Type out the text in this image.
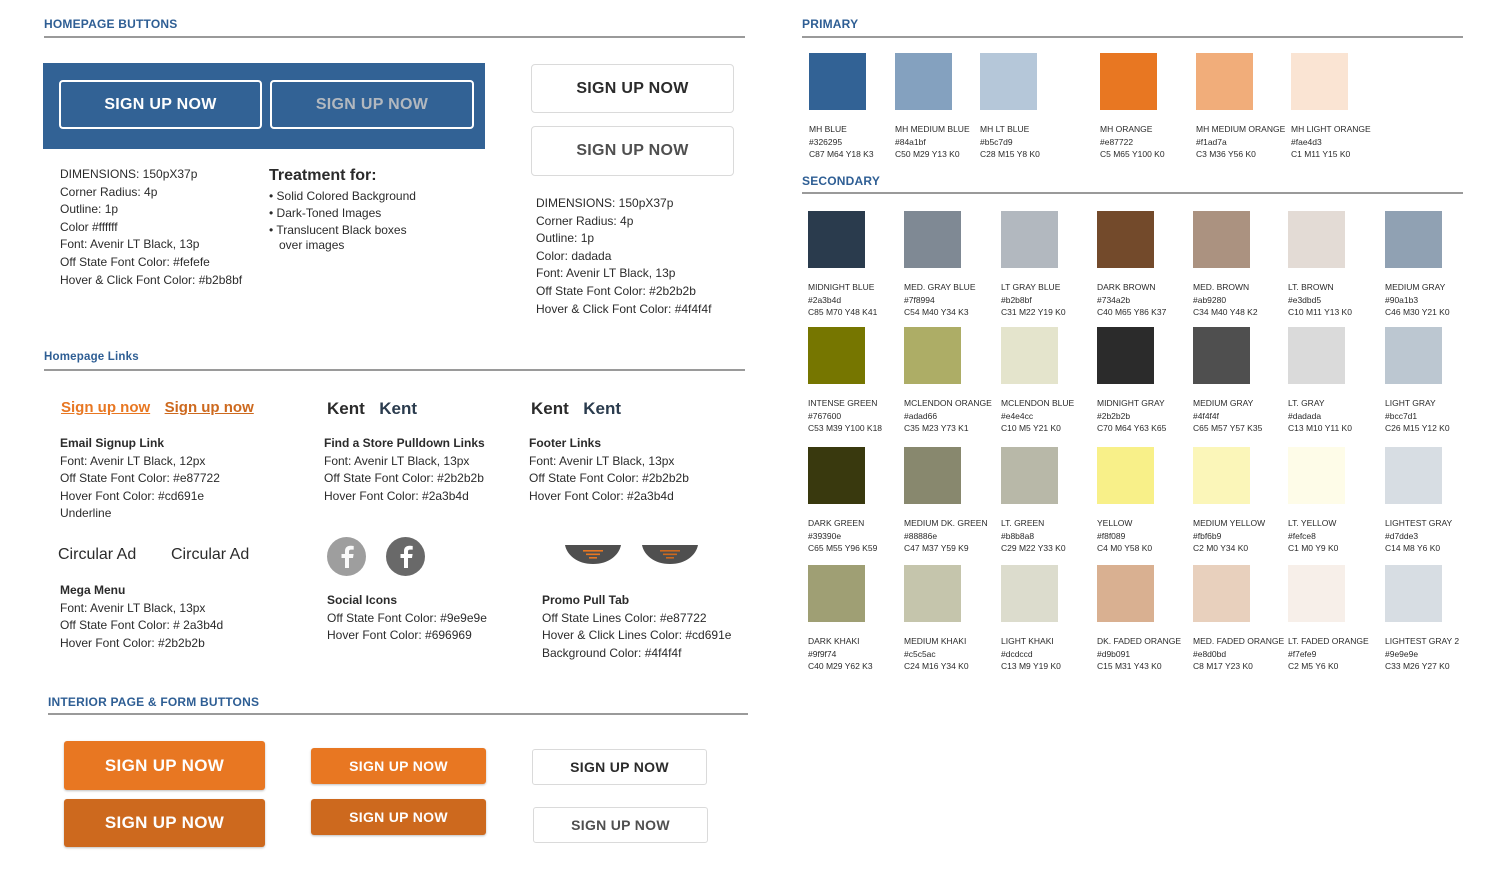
HOMEPAGE BUTTONS
SIGN UP NOW	SIGN UP NOW
SIGN UP NOW
SIGN UP NOW
DIMENSIONS: 150pX37p
Corner Radius: 4p
Outline: 1p
Color #ffffff
Font: Avenir LT Black, 13p
Off State Font Color: #fefefe
Hover & Click Font Color: #b2b8bf
Treatment for:
• Solid Colored Background
• Dark-Toned Images
• Translucent Black boxes
over images
DIMENSIONS: 150pX37p
Corner Radius: 4p
Outline: 1p
Color: dadada
Font: Avenir LT Black, 13p
Off State Font Color: #2b2b2b
Hover & Click Font Color: #4f4f4f
Homepage Links
Sign up now Sign up now
Email Signup Link
Font: Avenir LT Black, 12px
Off State Font Color: #e87722
Hover Font Color: #cd691e
Underline
Kent Kent
Find a Store Pulldown Links
Font: Avenir LT Black, 13px
Off State Font Color: #2b2b2b
Hover Font Color: #2a3b4d
Kent Kent
Footer Links
Font: Avenir LT Black, 13px
Off State Font Color: #2b2b2b
Hover Font Color: #2a3b4d
Circular Ad Circular Ad
Mega Menu
Font: Avenir LT Black, 13px
Off State Font Color: # 2a3b4d
Hover Font Color: #2b2b2b
Social Icons
Off State Font Color: #9e9e9e
Hover Font Color: #696969
Promo Pull Tab
Off State Lines Color: #e87722
Hover & Click Lines Color: #cd691e
Background Color: #4f4f4f
INTERIOR PAGE & FORM BUTTONS
SIGN UP NOW
SIGN UP NOW
SIGN UP NOW
SIGN UP NOW
SIGN UP NOW
SIGN UP NOW
PRIMARY
MH BLUE
#326295
C87 M64 Y18 K3
MH MEDIUM BLUE
#84a1bf
C50 M29 Y13 K0
MH LT BLUE
#b5c7d9
C28 M15 Y8 K0
MH ORANGE
#e87722
C5 M65 Y100 K0
MH MEDIUM ORANGE
#f1ad7a
C3 M36 Y56 K0
MH LIGHT ORANGE
#fae4d3
C1 M11 Y15 K0
SECONDARY
MIDNIGHT BLUE
#2a3b4d
C85 M70 Y48 K41
MED. GRAY BLUE
#7f8994
C54 M40 Y34 K3
LT GRAY BLUE
#b2b8bf
C31 M22 Y19 K0
DARK BROWN
#734a2b
C40 M65 Y86 K37
MED. BROWN
#ab9280
C34 M40 Y48 K2
LT. BROWN
#e3dbd5
C10 M11 Y13 K0
MEDIUM GRAY
#90a1b3
C46 M30 Y21 K0
INTENSE GREEN
#767600
C53 M39 Y100 K18
MCLENDON ORANGE
#adad66
C35 M23 Y73 K1
MCLENDON BLUE
#e4e4cc
C10 M5 Y21 K0
MIDNIGHT GRAY
#2b2b2b
C70 M64 Y63 K65
MEDIUM GRAY
#4f4f4f
C65 M57 Y57 K35
LT. GRAY
#dadada
C13 M10 Y11 K0
LIGHT GRAY
#bcc7d1
C26 M15 Y12 K0
DARK GREEN
#39390e
C65 M55 Y96 K59
MEDIUM DK. GREEN
#88886e
C47 M37 Y59 K9
LT. GREEN
#b8b8a8
C29 M22 Y33 K0
YELLOW
#f8f089
C4 M0 Y58 K0
MEDIUM YELLOW
#fbf6b9
C2 M0 Y34 K0
LT. YELLOW
#fefce8
C1 M0 Y9 K0
LIGHTEST GRAY
#d7dde3
C14 M8 Y6 K0
DARK KHAKI
#9f9f74
C40 M29 Y62 K3
MEDIUM KHAKI
#c5c5ac
C24 M16 Y34 K0
LIGHT KHAKI
#dcdccd
C13 M9 Y19 K0
DK. FADED ORANGE
#d9b091
C15 M31 Y43 K0
MED. FADED ORANGE
#e8d0bd
C8 M17 Y23 K0
LT. FADED ORANGE
#f7efe9
C2 M5 Y6 K0
LIGHTEST GRAY 2
#9e9e9e
C33 M26 Y27 K0
